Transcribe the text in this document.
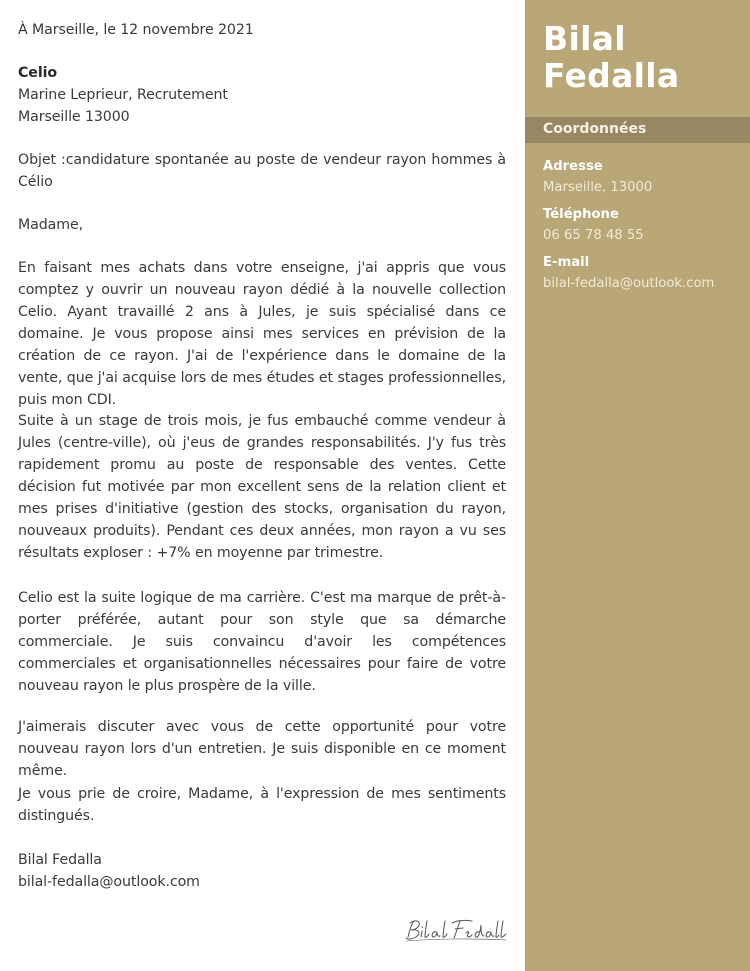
À Marseille, le 12 novembre 2021

Celio

Marine Leprieur, Recrutement

Marseille 13000

Objet :candidature spontanée au poste de vendeur rayon hommes à Célio

Madame,

En faisant mes achats dans votre enseigne, j'ai appris que vous comptez y ouvrir un nouveau rayon dédié à la nouvelle collection Celio. Ayant travaillé 2 ans à Jules, je suis spécialisé dans ce domaine. Je vous propose ainsi mes services en prévision de la création de ce rayon. J'ai de l'expérience dans le domaine de la vente, que j'ai acquise lors de mes études et stages professionnelles, puis mon CDI.

Suite à un stage de trois mois, je fus embauché comme vendeur à Jules (centre-ville), où j'eus de grandes responsabilités. J'y fus très rapidement promu au poste de responsable des ventes. Cette décision fut motivée par mon excellent sens de la relation client et mes prises d'initiative (gestion des stocks, organisation du rayon, nouveaux produits). Pendant ces deux années, mon rayon a vu ses résultats exploser : +7% en moyenne par trimestre.

Celio est la suite logique de ma carrière. C'est ma marque de prêt-à-porter préférée, autant pour son style que sa démarche commerciale. Je suis convaincu d'avoir les compétences commerciales et organisationnelles nécessaires pour faire de votre nouveau rayon le plus prospère de la ville.

J'aimerais discuter avec vous de cette opportunité pour votre nouveau rayon lors d'un entretien. Je suis disponible en ce moment même.

Je vous prie de croire, Madame, à l'expression de mes sentiments distingués.

Bilal Fedalla

bilal-fedalla@outlook.com

Bilal
Fedalla
Coordonnées
Adresse
Marseille, 13000
Téléphone
06 65 78 48 55
E-mail
bilal-fedalla@outlook.com
